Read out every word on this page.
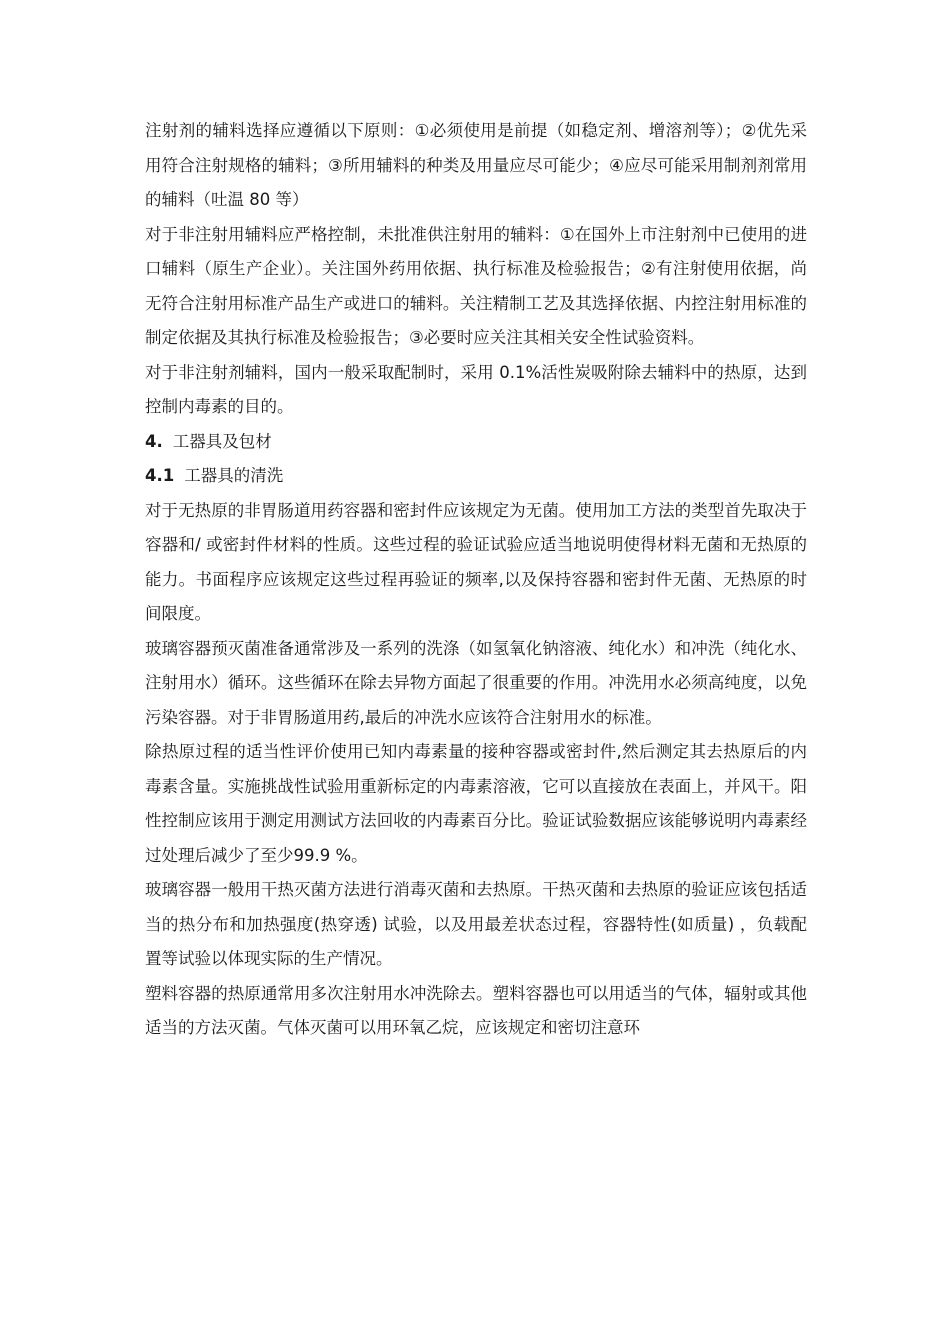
注射剂的辅料选择应遵循以下原则：①必须使用是前提（如稳定剂、增溶剂等）；②优先采用符合注射规格的辅料；③所用辅料的种类及用量应尽可能少；④应尽可能采用制剂剂常用的辅料（吐温 80 等）

对于非注射用辅料应严格控制，未批准供注射用的辅料：①在国外上市注射剂中已使用的进口辅料（原生产企业）。关注国外药用依据、执行标准及检验报告；②有注射使用依据，尚无符合注射用标准产品生产或进口的辅料。关注精制工艺及其选择依据、内控注射用标准的制定依据及其执行标准及检验报告；③必要时应关注其相关安全性试验资料。

对于非注射剂辅料，国内一般采取配制时，采用 0.1%活性炭吸附除去辅料中的热原，达到控制内毒素的目的。

4. 工器具及包材

4.1 工器具的清洗

对于无热原的非胃肠道用药容器和密封件应该规定为无菌。使用加工方法的类型首先取决于容器和/ 或密封件材料的性质。这些过程的验证试验应适当地说明使得材料无菌和无热原的能力。书面程序应该规定这些过程再验证的频率,以及保持容器和密封件无菌、无热原的时间限度。

玻璃容器预灭菌准备通常涉及一系列的洗涤（如氢氧化钠溶液、纯化水）和冲洗（纯化水、注射用水）循环。这些循环在除去异物方面起了很重要的作用。冲洗用水必须高纯度，以免污染容器。对于非胃肠道用药,最后的冲洗水应该符合注射用水的标准。

除热原过程的适当性评价使用已知内毒素量的接种容器或密封件,然后测定其去热原后的内毒素含量。实施挑战性试验用重新标定的内毒素溶液，它可以直接放在表面上，并风干。阳性控制应该用于测定用测试方法回收的内毒素百分比。验证试验数据应该能够说明内毒素经过处理后减少了至少99.9 %。

玻璃容器一般用干热灭菌方法进行消毒灭菌和去热原。干热灭菌和去热原的验证应该包括适当的热分布和加热强度(热穿透) 试验，以及用最差状态过程，容器特性(如质量) ，负载配置等试验以体现实际的生产情况。

塑料容器的热原通常用多次注射用水冲洗除去。塑料容器也可以用适当的气体，辐射或其他适当的方法灭菌。气体灭菌可以用环氧乙烷，应该规定和密切注意环
